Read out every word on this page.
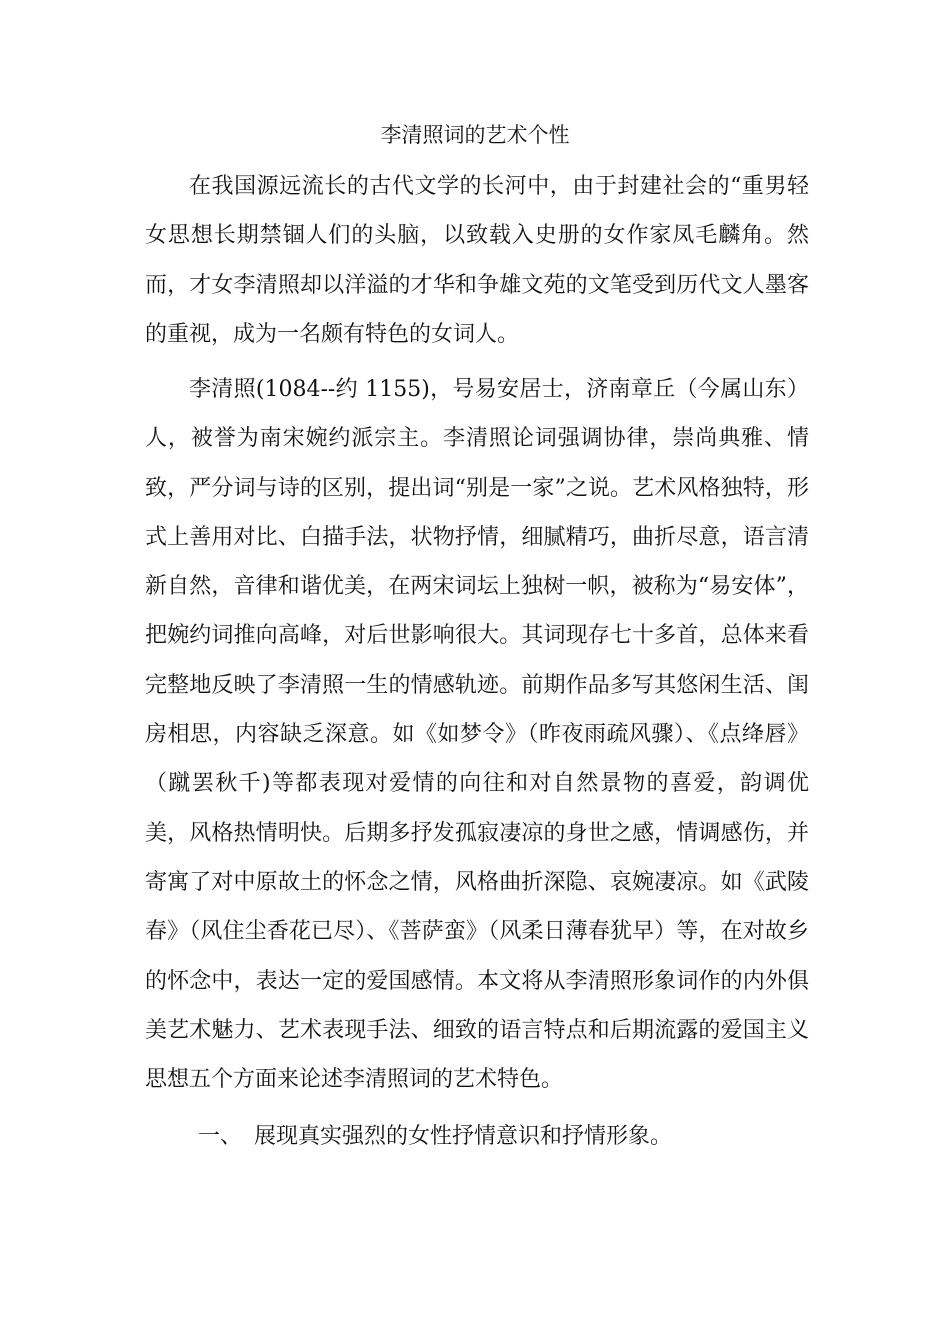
李清照词的艺术个性

在我国源远流长的古代文学的长河中，由于封建社会的“重男轻女思想长期禁锢人们的头脑，以致载入史册的女作家凤毛麟角。然而，才女李清照却以洋溢的才华和争雄文苑的文笔受到历代文人墨客的重视，成为一名颇有特色的女词人。

李清照(1084--约 1155)，号易安居士，济南章丘（今属山东）人，被誉为南宋婉约派宗主。李清照论词强调协律，崇尚典雅、情致，严分词与诗的区别，提出词“别是一家”之说。艺术风格独特，形式上善用对比、白描手法，状物抒情，细腻精巧，曲折尽意，语言清新自然，音律和谐优美，在两宋词坛上独树一帜，被称为“易安体”，把婉约词推向高峰，对后世影响很大。其词现存七十多首，总体来看完整地反映了李清照一生的情感轨迹。前期作品多写其悠闲生活、闺房相思，内容缺乏深意。如《如梦令》（昨夜雨疏风骤）、《点绛唇》（蹴罢秋千)等都表现对爱情的向往和对自然景物的喜爱，韵调优美，风格热情明快。后期多抒发孤寂凄凉的身世之感，情调感伤，并寄寓了对中原故土的怀念之情，风格曲折深隐、哀婉凄凉。如《武陵春》（风住尘香花已尽）、《菩萨蛮》（风柔日薄春犹早）等，在对故乡的怀念中，表达一定的爱国感情。本文将从李清照形象词作的内外俱美艺术魅力、艺术表现手法、细致的语言特点和后期流露的爱国主义思想五个方面来论述李清照词的艺术特色。

一、 展现真实强烈的女性抒情意识和抒情形象。
